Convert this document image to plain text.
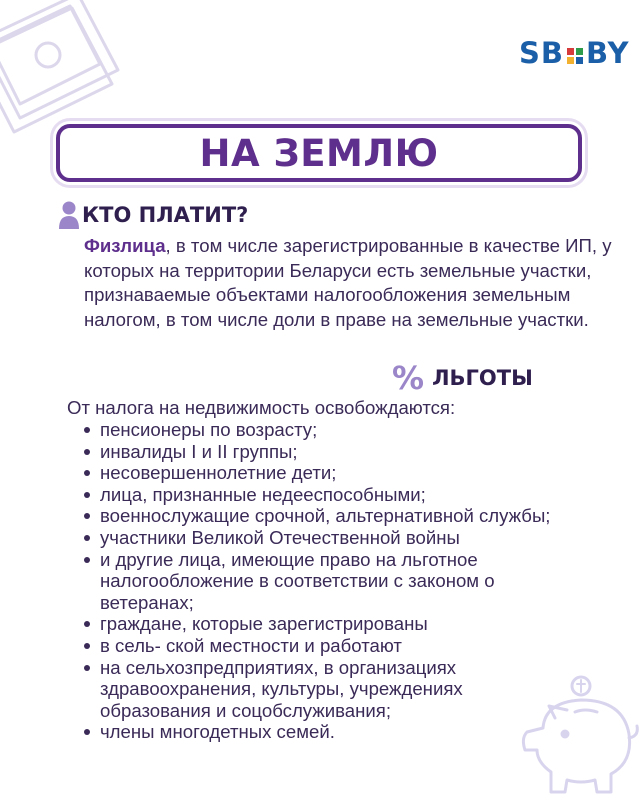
SB BY
НА ЗЕМЛЮ
КТО ПЛАТИТ?
Физлица, в том числе зарегистрированные в качестве ИП, у которых на территории Беларуси есть земельные участки, признаваемые объектами налогообложения земельным налогом, в том числе доли в праве на земельные участки.
% ЛЬГОТЫ
От налога на недвижимость освобождаются:
пенсионеры по возрасту;
инвалиды I и II группы;
несовершеннолетние дети;
лица, признанные недееспособными;
военнослужащие срочной, альтернативной службы;
участники Великой Отечественной войны
и другие лица, имеющие право на льготное налогообложение в соответствии с законом о ветеранах;
граждане, которые зарегистрированы
в сель- ской местности и работают
на сельхозпредприятиях, в организациях здравоохранения, культуры, учреждениях образования и соцобслуживания;
члены многодетных семей.
